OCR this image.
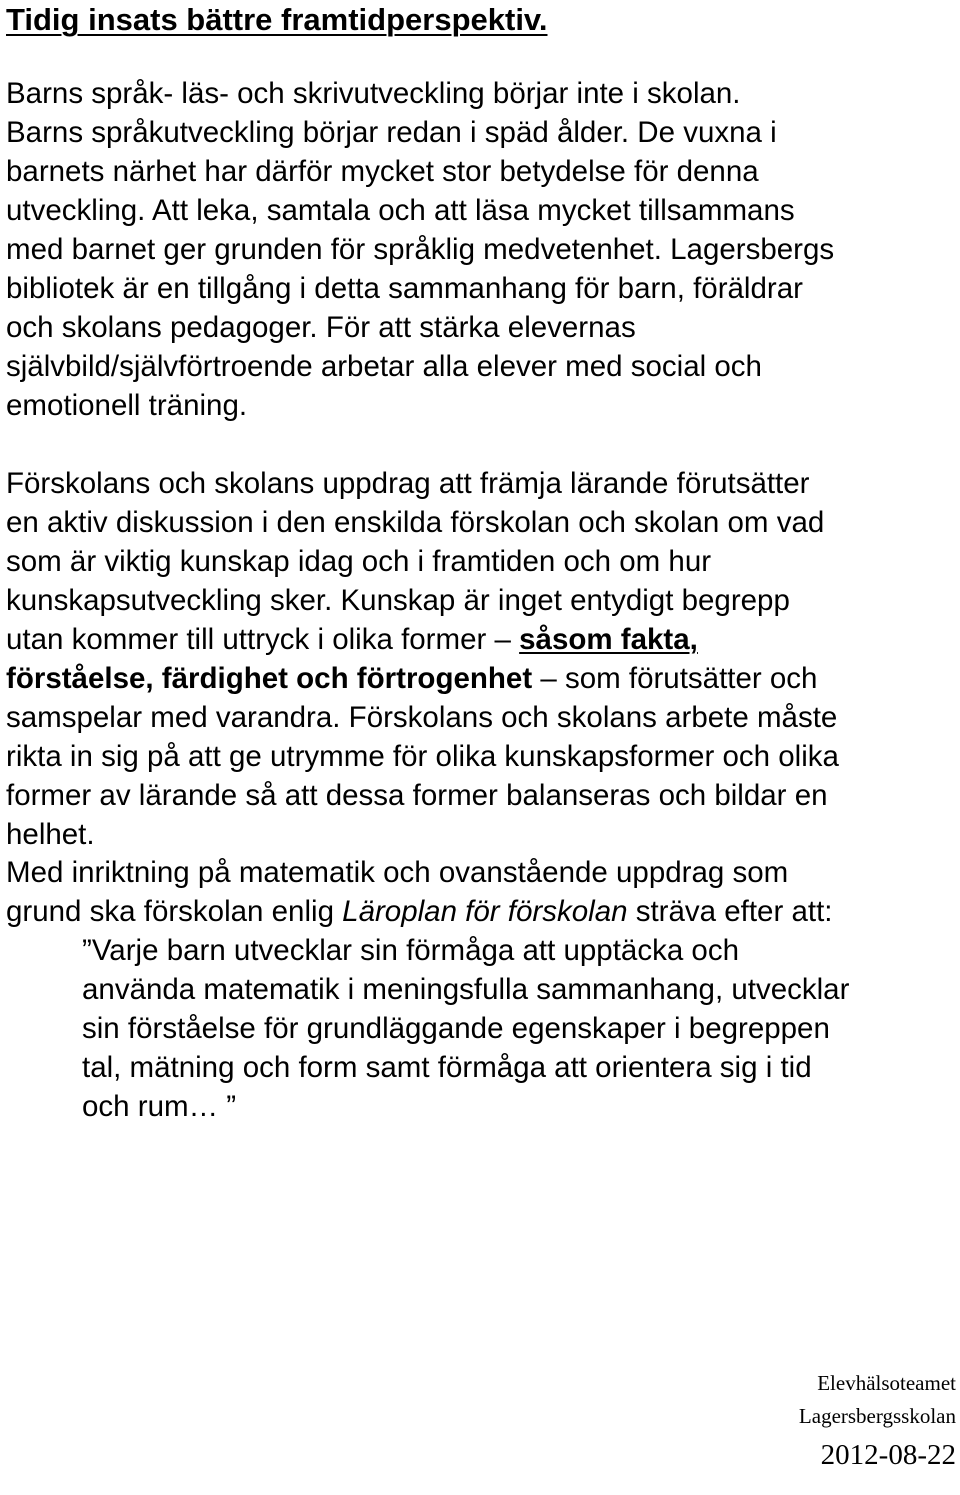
Tidig insats bättre framtidperspektiv.

Barns språk- läs- och skrivutveckling börjar inte i skolan.
Barns språkutveckling börjar redan i späd ålder. De vuxna i
barnets närhet har därför mycket stor betydelse för denna
utveckling. Att leka, samtala och att läsa mycket tillsammans
med barnet ger grunden för språklig medvetenhet. Lagersbergs
bibliotek är en tillgång i detta sammanhang för barn, föräldrar
och skolans pedagoger. För att stärka elevernas
självbild/självförtroende arbetar alla elever med social och
emotionell träning.

Förskolans och skolans uppdrag att främja lärande förutsätter
en aktiv diskussion i den enskilda förskolan och skolan om vad
som är viktig kunskap idag och i framtiden och om hur
kunskapsutveckling sker. Kunskap är inget entydigt begrepp
utan kommer till uttryck i olika former – såsom fakta,
förståelse, färdighet och förtrogenhet – som förutsätter och
samspelar med varandra. Förskolans och skolans arbete måste
rikta in sig på att ge utrymme för olika kunskapsformer och olika
former av lärande så att dessa former balanseras och bildar en
helhet.

Med inriktning på matematik och ovanstående uppdrag som
grund ska förskolan enlig Läroplan för förskolan sträva efter att:

”Varje barn utvecklar sin förmåga att upptäcka och
använda matematik i meningsfulla sammanhang, utvecklar
sin förståelse för grundläggande egenskaper i begreppen
tal, mätning och form samt förmåga att orientera sig i tid
och rum… ”
Elevhälsoteamet
Lagersbergsskolan
2012-08-22
